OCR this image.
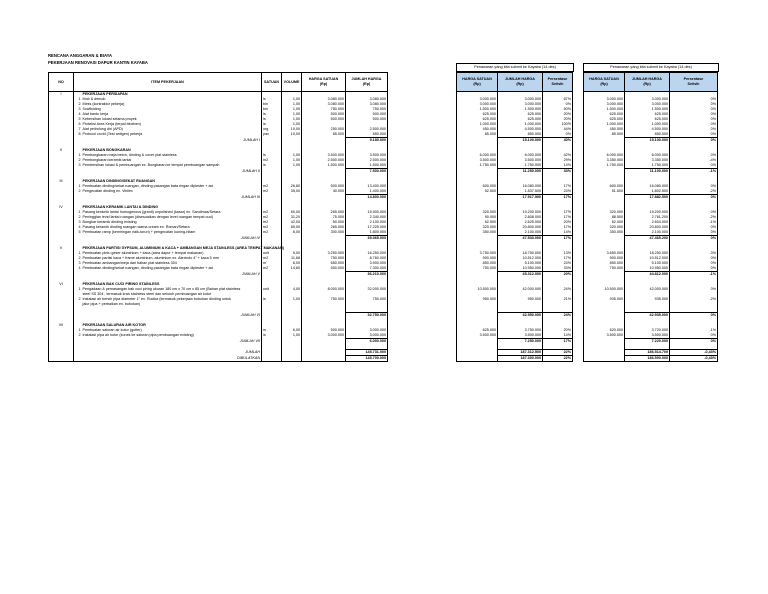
RENCANA ANGGARAN & BIAYA
PEKERJAAN RENOVASI DAPUR KANTIN KAYABA
Penawaran yang kita submit ke Kayaba (14 des)	Penawaran yang kita submit ke Kayaba (14 des)
NO	ITEM PEKERJAAN		SATUAN	VOLUME	HARGA SATUAN
(Rp)	JUMLAH HARGA
(Rp)
I		PEKERJAAN PERSIAPAN				
	1	Mob & demob	ls	1,00	3.080.000	3.080.000
	2	Mess (kontraktor pekerja)	bln	1,00	3.080.000	3.080.000
	3	Scaffolding	bln	1,00	750.000	750.000
	4	Alat bantu kerja	ls	1,00	500.000	500.000
	5	Kebersihan lokasi selama proyek	ls	1,00	500.000	500.000
	6	Proteksi Area Kerja (terpal blueben)	ls	1,00		
	7	Alat pelindung diri (APD)	org	10,00	250.000	2.500.000
	8	Protocol covid (Test antigen) pekerja	pax	10,00	85.000	850.000
		JUMLAH I				9.180.000

II		PEKERJAAN BONGKARAN				
	1	Pembongkaran meja beton, dinding & cover plat stainless	ls	1,00	3.500.000	3.500.000
	2	Pembongkaran keramik lantai	m2	1,00	2.500.000	2.500.000
	3	Pembersihan lokasi & pembuangan ex. Bongkaran ke tempat pembuangan sampah	ls	1,00	1.500.000	1.500.000
		JUMLAH II				7.500.000

III		PEKERJAAN DINDING/SEKAT RUANGAN				
	1	Pembuatan dinding/sekat ruangan, dinding pasangan bata ringan diplester + aci	m2	26,80	500.000	13.400.000
	2	Pengecatan dinding ex. Vinilex	m2	35,00	40.000	1.400.000
		JUMLAH III				14.800.000

IV		PEKERJAAN KERAMIK LANTAI & DINDING				
	1	Pasang keramik lantai homogenous (granit) unpolished (kasar) ex. Sandimas/Setara	m2	60,00	265.000	15.900.000
	2	Peninggian level lantai ruangan (disesuaikan dengan level ruangan tempat cuci)	m2	31,20	75.000	2.340.000
	3	Bongkar keramik dinding existing	m2	42,00	50.000	2.100.000
	4	Pasang keramik dinding ruangan warna cream ex. Roman/Setara	m2	65,00	265.000	17.225.000
	5	Pembuatan ramp (kemiringan naik-turun) + pengecatan kuning-hitam	m2	6,00	300.000	1.800.000
		JUMLAH IV				39.365.000

V		PEKERJAAN PARTISI GYPSUM, ALUMINIUM & KACA + AMBANGAN MEJA STAINLESS (AREA TEMPAT MAKANAN)				
	1	Pembuatan pintu geser aluminium + kaca (area dapur + tempat makanan)	unit	5,00	3.250.000	16.250.000
	2	Pembuatan partisi kaca + frame aluminium, aluminium ex. Alexindo 4" + kaca 5 mm	m2	11,68	750.000	8.760.000
	3	Pembuatan ambangan/meja dari bahan plat stainless 304	m'	6,00	650.000	3.900.000
	4	Pembuatan dinding/sekat ruangan, dinding pasangan bata ringan diplester + aci	m2	14,60	500.000	7.300.000
		JUMLAH V				36.210.000

VI		PEKERJAAN BAK CUCI PIRING STAINLESS				
	1	Pengadaan & pemasangan bak cuci piring ukuran 180 cm x 70 cm x 85 cm (Bahan plat stainless	unit	4,00	8.000.000	32.000.000
		steel SS 304 , termasuk kran stainless steel dan seluruh pembuangan air kotor				
	2	Instalasi air bersih pipa diameter 1" ex. Rucika (termasuk pekerjaan bobokan dinding untuk	ls	1,00	750.000	750.000
		jalur pipa + perbaikan ex. bobokan)				

		JUMLAH VI				32.750.000

VII		PEKERJAAN SALURAN AIR KOTOR				
	1	Pembuatan saluran air kotor (gutter)	m	6,00	500.000	3.000.000
	2	Instalasi pipa air kotor (konek ke saluran pipa pembuangan existing)	ls	1,00	3.000.000	3.000.000
		JUMLAH VII				6.000.000

		JUMLAH				145.731.000
		DIBULATKAN				145.700.000
HARGA SATUAN
(Rp)	JUMLAH HARGA
(Rp)	Persentase
Selisih

3.000.000	3.000.000	67%
3.000.000	3.000.000	0%
1.500.000	1.500.000	50%
625.000	625.000	20%
625.000	625.000	20%
1.000.000	1.000.000	100%
450.000	4.500.000	44%
85.000	850.000	0%
	15.100.000	40%

6.000.000	6.000.000	42%
3.500.000	3.500.000	29%
1.750.000	1.750.000	14%
	11.250.000	33%

600.000	16.080.000	17%
52.500	1.837.500	24%
	17.917.500	17%

320.000	19.200.000	17%
90.000	2.808.000	17%
62.500	2.625.000	20%
320.000	20.800.000	17%
350.000	2.100.000	14%
	47.533.000	17%

3.750.000	18.750.000	13%
900.000	10.512.000	17%
850.000	5.100.000	24%
750.000	10.950.000	33%
	45.312.000	20%

10.500.000	42.000.000	24%

950.000	950.000	21%

	42.950.000	24%

625.000	3.750.000	20%
3.500.000	3.500.000	14%
	7.250.000	17%

	187.312.500	22%
	187.300.000	22%
HARGA SATUAN
(Rp)	JUMLAH HARGA
(Rp)	Persentase
Selisih

3.000.000	3.000.000	0%
3.000.000	3.000.000	0%
1.500.000	1.500.000	0%
625.000	625.000	0%
625.000	625.000	0%
1.000.000	1.000.000	0%
450.000	4.500.000	0%
85.000	850.000	0%
	15.100.000	0%

6.000.000	6.000.000	0%
3.350.000	3.350.000	-4%
1.750.000	1.750.000	0%
	11.100.000	-1%

600.000	16.080.000	0%
51.500	1.802.500	-2%
	17.882.500	0%

320.000	19.200.000	0%
88.500	2.761.200	-2%
62.000	2.604.000	-1%
320.000	20.800.000	0%
350.000	2.100.000	0%
	47.465.200	0%

3.650.000	18.250.000	-3%
900.000	10.512.000	0%
850.000	5.100.000	0%
750.000	10.950.000	0%
	44.812.000	-1%

10.500.000	42.000.000	0%

935.000	935.000	-2%

	42.935.000	0%

620.000	3.720.000	-1%
3.500.000	3.500.000	0%
	7.220.000	0%

	186.514.700	-0,43%
	186.500.000	-0,43%
